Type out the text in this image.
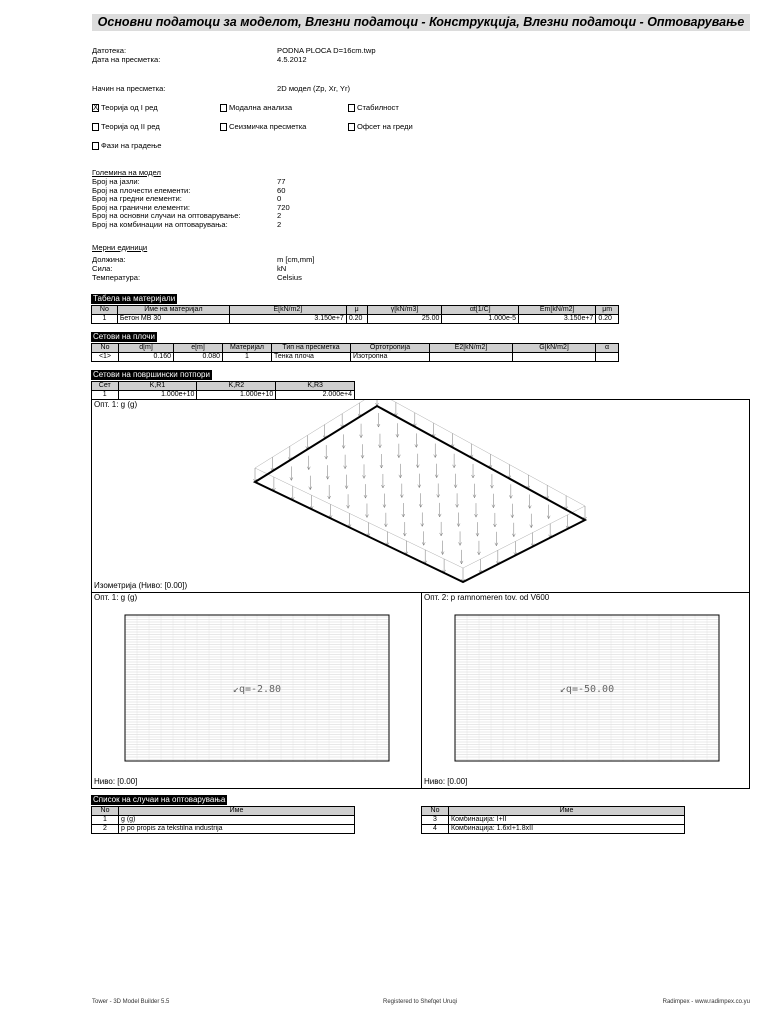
Основни податоци за моделот, Влезни податоци - Конструкција, Влезни податоци - Оптоварување
Датотека:	PODNA PLOCA D=16cm.twp
Дата на пресметка:	4.5.2012
Начин на пресметка:	2D модел (Zp, Xr, Yr)
X
Теорија од I ред	Модална анализа	Стабилност
Теорија од II ред	Сеизмичка пресметка	Офсет на греди
Фази на градење
Големина на модел
Број на јазли:	77
Број на плочести елементи:	60
Број на гредни елементи:	0
Број на гранични елементи:	720
Број на основни случаи на оптоварување:	2
Број на комбинации на оптоварувања:	2
Мерни единици
Должина:	m [cm,mm]
Сила:	kN
Температура:	Celsius
Табела на материјали
No	Име на материјал	E[kN/m2]	μ	γ[kN/m3]	αt[1/C]	Em[kN/m2]	μm
1	Бетон MB 30	3.150e+7	0.20	25.00	1.000e-5	3.150e+7	0.20
Сетови на плочи
No	d[m]	e[m]	Материјал	Тип на пресметка	Ортотропија	E2[kN/m2]	G[kN/m2]	α
<1>	0.160	0.080	1	Тенка плоча	Изотропна			
Сетови на површински потпори
Сет	K,R1	K,R2	K,R3
1	1.000e+10	1.000e+10	2.000e+4
Опт. 1: g (g)
Изометрија (Ниво: [0.00])
Опт. 1: g (g)
↙q=-2.80
Ниво: [0.00]
Опт. 2: p ramnomeren tov. od V600
↙q=-50.00
Ниво: [0.00]
Список на случаи на оптоварувања
No	Име
1	g (g)
2	p po propis za tekstilna industrija
No	Име
3	Комбинација: I+II
4	Комбинација: 1.6xI+1.8xII
Tower - 3D Model Builder 5.5	Registered to Shefqet Uruqi	Radimpex - www.radimpex.co.yu
